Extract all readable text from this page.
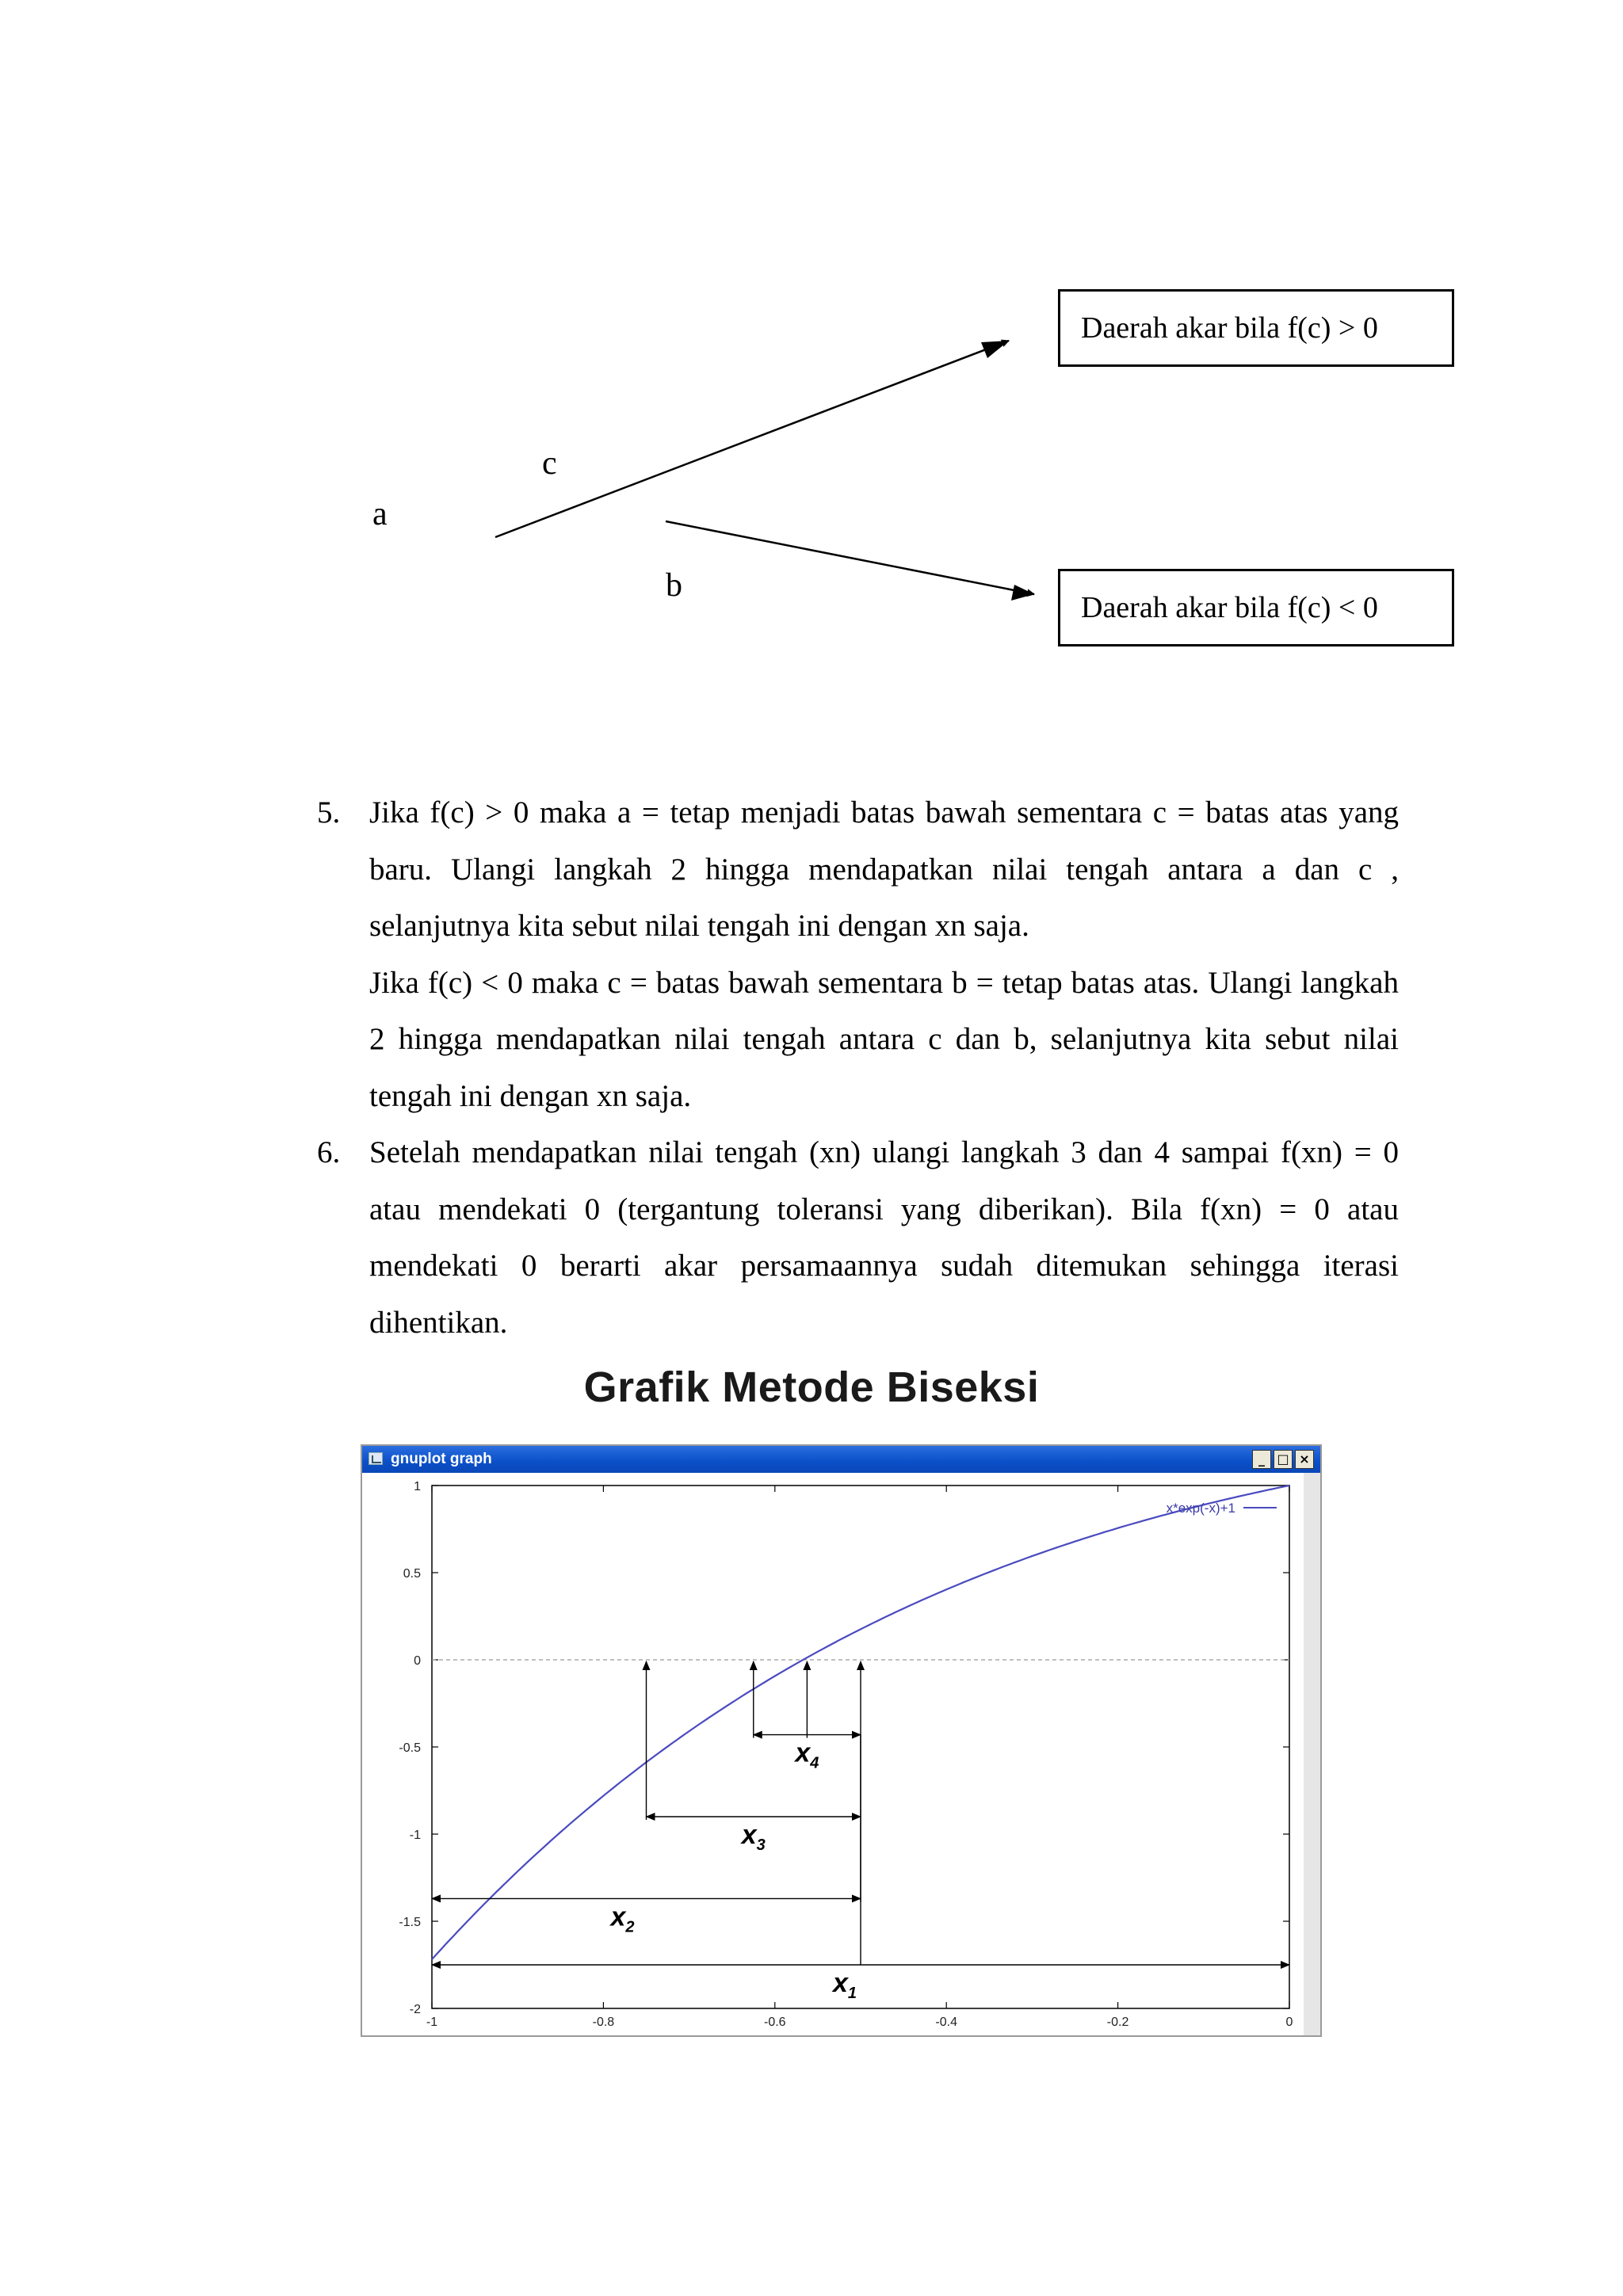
a
c
b
Daerah akar bila f(c) > 0
Daerah akar bila f(c) < 0
5. Jika f(c) > 0 maka a = tetap menjadi batas bawah sementara c = batas atas yang baru. Ulangi langkah 2 hingga mendapatkan nilai tengah antara a dan c , selanjutnya kita sebut nilai tengah ini dengan xn saja.

Jika f(c) < 0 maka c = batas bawah sementara b = tetap batas atas. Ulangi langkah 2 hingga mendapatkan nilai tengah antara c dan b, selanjutnya kita sebut nilai tengah ini dengan xn saja.

6. Setelah mendapatkan nilai tengah (xn) ulangi langkah 3 dan 4 sampai f(xn) = 0 atau mendekati 0 (tergantung toleransi yang diberikan). Bila f(xn) = 0 atau mendekati 0 berarti akar persamaannya sudah ditemukan sehingga iterasi dihentikan.

Grafik Metode Biseksi
gnuplot graph	_ □ ×
-1	-0.8	-0.6	-0.4	-0.2	0
1
0.5
0
-0.5
-1
-1.5
-2
x*exp(-x)+1
$x_1$
$x_2$
$x_3$
$x_4$
